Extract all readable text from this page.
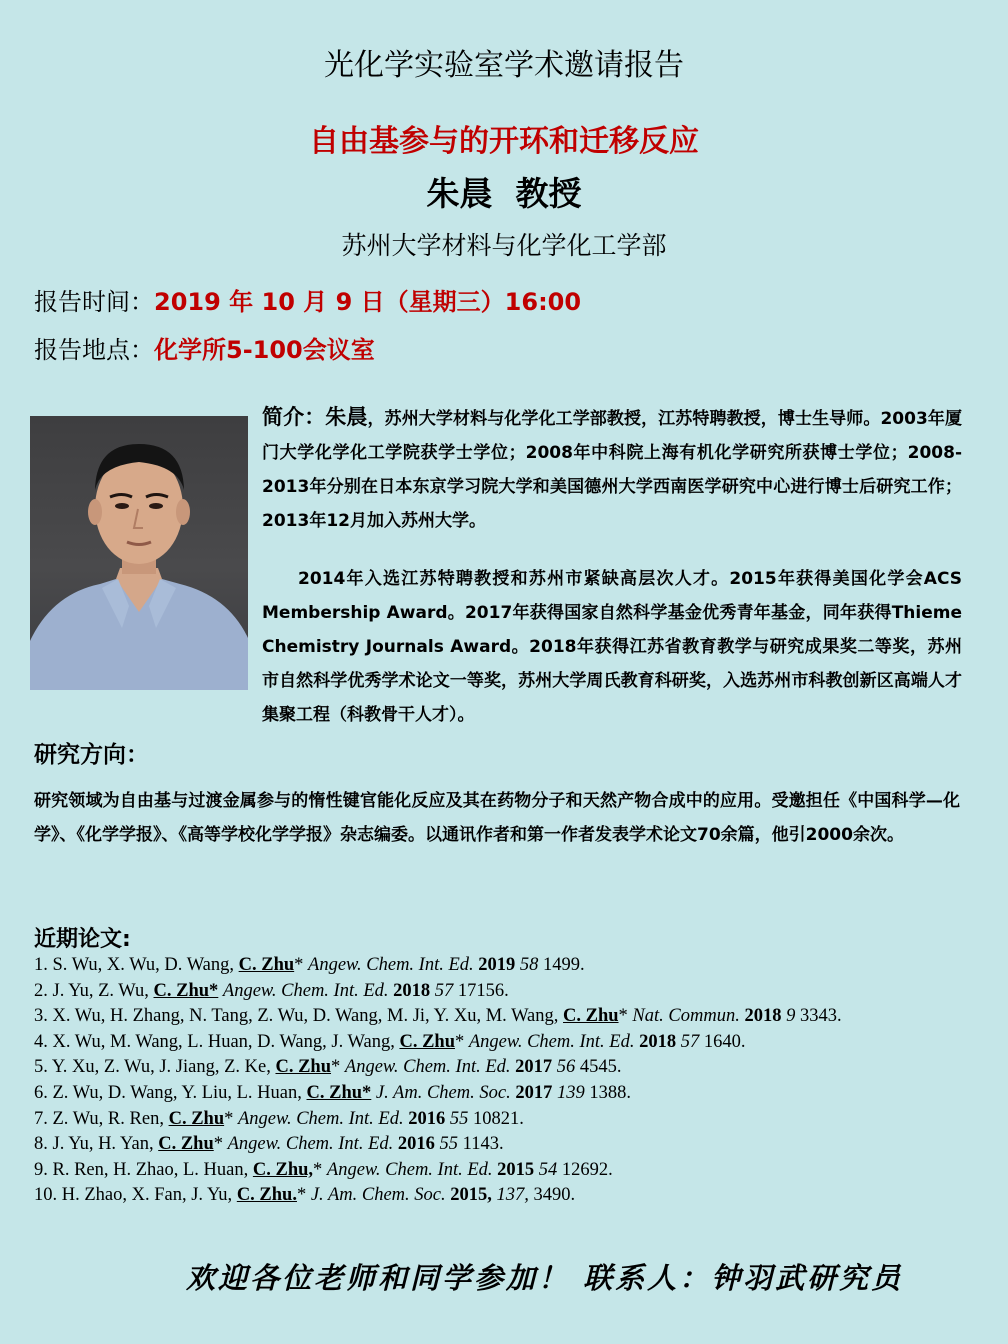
光化学实验室学术邀请报告
自由基参与的开环和迁移反应
朱晨  教授
苏州大学材料与化学化工学部
报告时间：2019 年 10 月 9 日（星期三）16:00
报告地点：化学所5-100会议室
简介：朱晨，苏州大学材料与化学化工学部教授，江苏特聘教授，博士生导师。2003年厦门大学化学化工学院获学士学位；2008年中科院上海有机化学研究所获博士学位；2008-2013年分别在日本东京学习院大学和美国德州大学西南医学研究中心进行博士后研究工作；2013年12月加入苏州大学。

2014年入选江苏特聘教授和苏州市紧缺高层次人才。2015年获得美国化学会ACS Membership Award。2017年获得国家自然科学基金优秀青年基金，同年获得Thieme Chemistry Journals Award。2018年获得江苏省教育教学与研究成果奖二等奖，苏州市自然科学优秀学术论文一等奖，苏州大学周氏教育科研奖，入选苏州市科教创新区高端人才集聚工程（科教骨干人才）。

研究方向：

研究领域为自由基与过渡金属参与的惰性键官能化反应及其在药物分子和天然产物合成中的应用。受邀担任《中国科学—化学》、《化学学报》、《高等学校化学学报》杂志编委。以通讯作者和第一作者发表学术论文70余篇，他引2000余次。

近期论文:
1. S. Wu, X. Wu, D. Wang, C. Zhu* Angew. Chem. Int. Ed. 2019 58 1499.
2. J. Yu, Z. Wu, C. Zhu* Angew. Chem. Int. Ed. 2018 57 17156.
3. X. Wu, H. Zhang, N. Tang, Z. Wu, D. Wang, M. Ji, Y. Xu, M. Wang, C. Zhu* Nat. Commun. 2018 9 3343.
4. X. Wu, M. Wang, L. Huan, D. Wang, J. Wang, C. Zhu* Angew. Chem. Int. Ed. 2018 57 1640.
5. Y. Xu, Z. Wu, J. Jiang, Z. Ke, C. Zhu* Angew. Chem. Int. Ed. 2017 56 4545.
6. Z. Wu, D. Wang, Y. Liu, L. Huan, C. Zhu* J. Am. Chem. Soc. 2017 139 1388.
7. Z. Wu, R. Ren, C. Zhu* Angew. Chem. Int. Ed. 2016 55 10821.
8. J. Yu, H. Yan, C. Zhu* Angew. Chem. Int. Ed. 2016 55 1143.
9. R. Ren, H. Zhao, L. Huan, C. Zhu,* Angew. Chem. Int. Ed. 2015 54 12692.
10. H. Zhao, X. Fan, J. Yu, C. Zhu.* J. Am. Chem. Soc. 2015, 137, 3490.
欢迎各位老师和同学参加！ 联系人：钟羽武研究员
